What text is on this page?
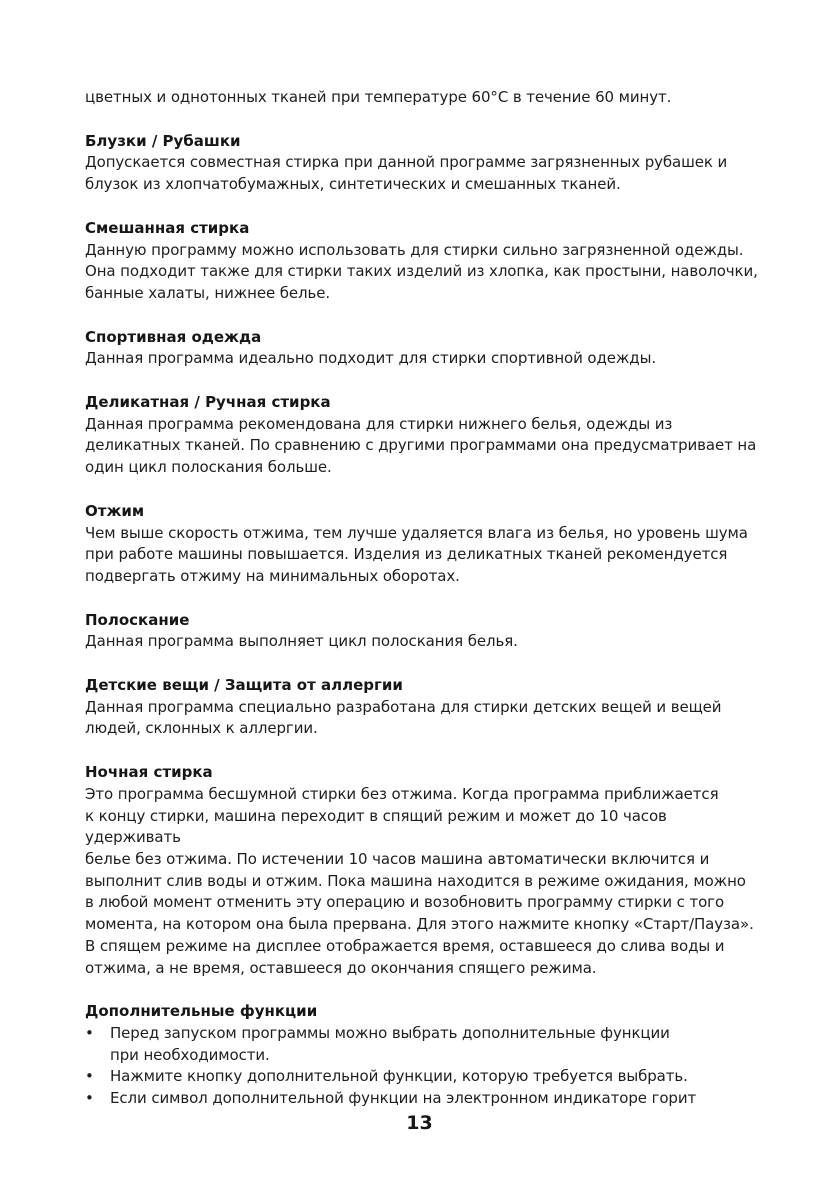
цветных и однотонных тканей при температуре 60°С в течение 60 минут.

Блузки / Рубашки

Допускается совместная стирка при данной программе загрязненных рубашек и
блузок из хлопчатобумажных, синтетических и смешанных тканей.

Смешанная стирка

Данную программу можно использовать для стирки сильно загрязненной одежды.
Она подходит также для стирки таких изделий из хлопка, как простыни, наволочки,
банные халаты, нижнее белье.

Спортивная одежда

Данная программа идеально подходит для стирки спортивной одежды.

Деликатная / Ручная стирка

Данная программа рекомендована для стирки нижнего белья, одежды из
деликатных тканей. По сравнению с другими программами она предусматривает на
один цикл полоскания больше.

Отжим

Чем выше скорость отжима, тем лучше удаляется влага из белья, но уровень шума
при работе машины повышается. Изделия из деликатных тканей рекомендуется
подвергать отжиму на минимальных оборотах.

Полоскание

Данная программа выполняет цикл полоскания белья.

Детские вещи / Защита от аллергии

Данная программа специально разработана для стирки детских вещей и вещей
людей, склонных к аллергии.

Ночная стирка

Это программа бесшумной стирки без отжима. Когда программа приближается
к концу стирки, машина переходит в спящий режим и может до 10 часов удерживать
белье без отжима. По истечении 10 часов машина автоматически включится и
выполнит слив воды и отжим. Пока машина находится в режиме ожидания, можно
в любой момент отменить эту операцию и возобновить программу стирки с того
момента, на котором она была прервана. Для этого нажмите кнопку «Старт/Пауза».
В спящем режиме на дисплее отображается время, оставшееся до слива воды и
отжима, а не время, оставшееся до окончания спящего режима.

Дополнительные функции

• Перед запуском программы можно выбрать дополнительные функции
при необходимости.
• Нажмите кнопку дополнительной функции, которую требуется выбрать.
• Если символ дополнительной функции на электронном индикаторе горит
13
